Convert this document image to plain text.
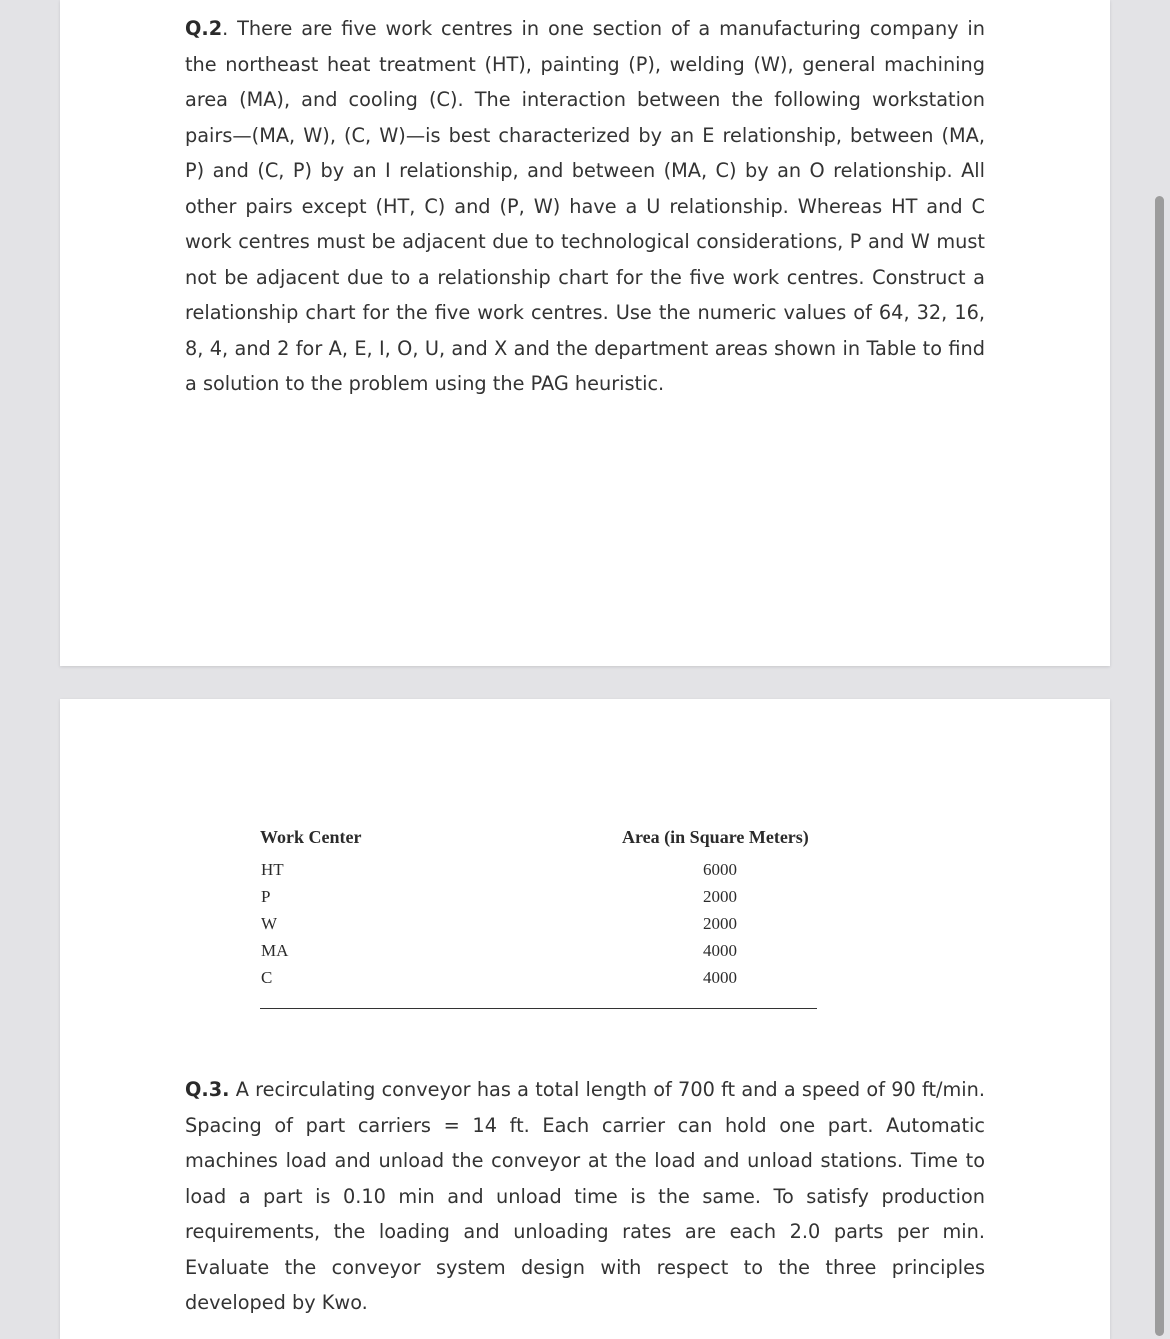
Q.2. There are five work centres in one section of a manufacturing company in the northeast heat treatment (HT), painting (P), welding (W), general machining area (MA), and cooling (C). The interaction between the following workstation pairs—(MA, W), (C, W)—is best characterized by an E relationship, between (MA, P) and (C, P) by an I relationship, and between (MA, C) by an O relationship. All other pairs except (HT, C) and (P, W) have a U relationship. Whereas HT and C work centres must be adjacent due to technological considerations, P and W must not be adjacent due to a relationship chart for the five work centres. Construct a relationship chart for the five work centres. Use the numeric values of 64, 32, 16, 8, 4, and 2 for A, E, I, O, U, and X and the department areas shown in Table to find a solution to the problem using the PAG heuristic.

Work Center	Area (in Square Meters)
HT	6000
P	2000
W	2000
MA	4000
C	4000

Q.3. A recirculating conveyor has a total length of 700 ft and a speed of 90 ft/min. Spacing of part carriers = 14 ft. Each carrier can hold one part. Automatic machines load and unload the conveyor at the load and unload stations. Time to load a part is 0.10 min and unload time is the same. To satisfy production requirements, the loading and unloading rates are each 2.0 parts per min. Evaluate the conveyor system design with respect to the three principles developed by Kwo.
